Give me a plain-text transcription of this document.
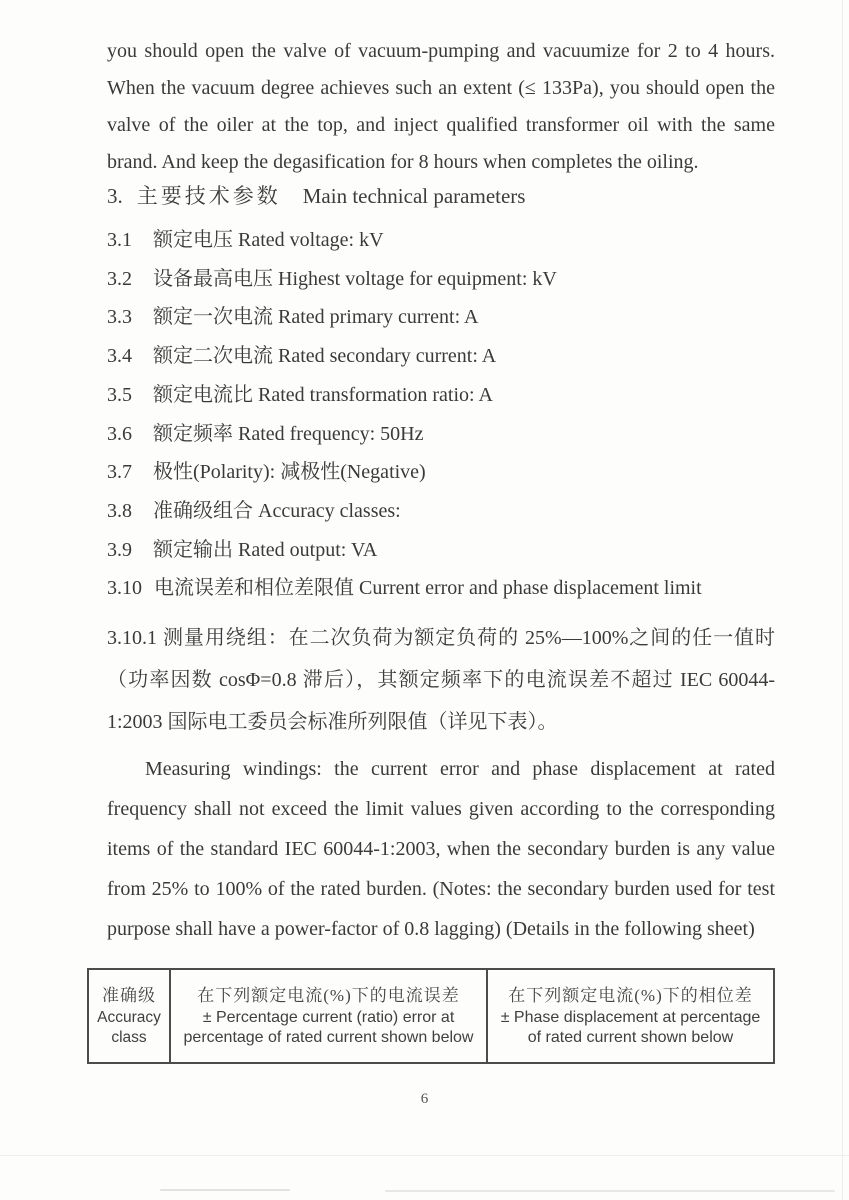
you should open the valve of vacuum-pumping and vacuumize for 2 to 4 hours. When the vacuum degree achieves such an extent (≤ 133Pa), you should open the valve of the oiler at the top, and inject qualified transformer oil with the same brand. And keep the degasification for 8 hours when completes the oiling.
3. 主要技术参数 Main technical parameters
3.1 额定电压 Rated voltage: kV
3.2 设备最高电压 Highest voltage for equipment: kV
3.3 额定一次电流 Rated primary current: A
3.4 额定二次电流 Rated secondary current: A
3.5 额定电流比 Rated transformation ratio: A
3.6 额定频率 Rated frequency: 50Hz
3.7 极性(Polarity): 减极性(Negative)
3.8 准确级组合 Accuracy classes:
3.9 额定输出 Rated output: VA
3.10 电流误差和相位差限值 Current error and phase displacement limit
3.10.1 测量用绕组：在二次负荷为额定负荷的 25%—100%之间的任一值时（功率因数 cosΦ=0.8 滞后），其额定频率下的电流误差不超过 IEC 60044-1:2003 国际电工委员会标准所列限值（详见下表）。
Measuring windings: the current error and phase displacement at rated frequency shall not exceed the limit values given according to the corresponding items of the standard IEC 60044-1:2003, when the secondary burden is any value from 25% to 100% of the rated burden. (Notes: the secondary burden used for test purpose shall have a power-factor of 0.8 lagging) (Details in the following sheet)
准确级
Accuracy class
在下列额定电流(%)下的电流误差
± Percentage current (ratio) error at percentage of rated current shown below
在下列额定电流(%)下的相位差
± Phase displacement at percentage of rated current shown below
6
